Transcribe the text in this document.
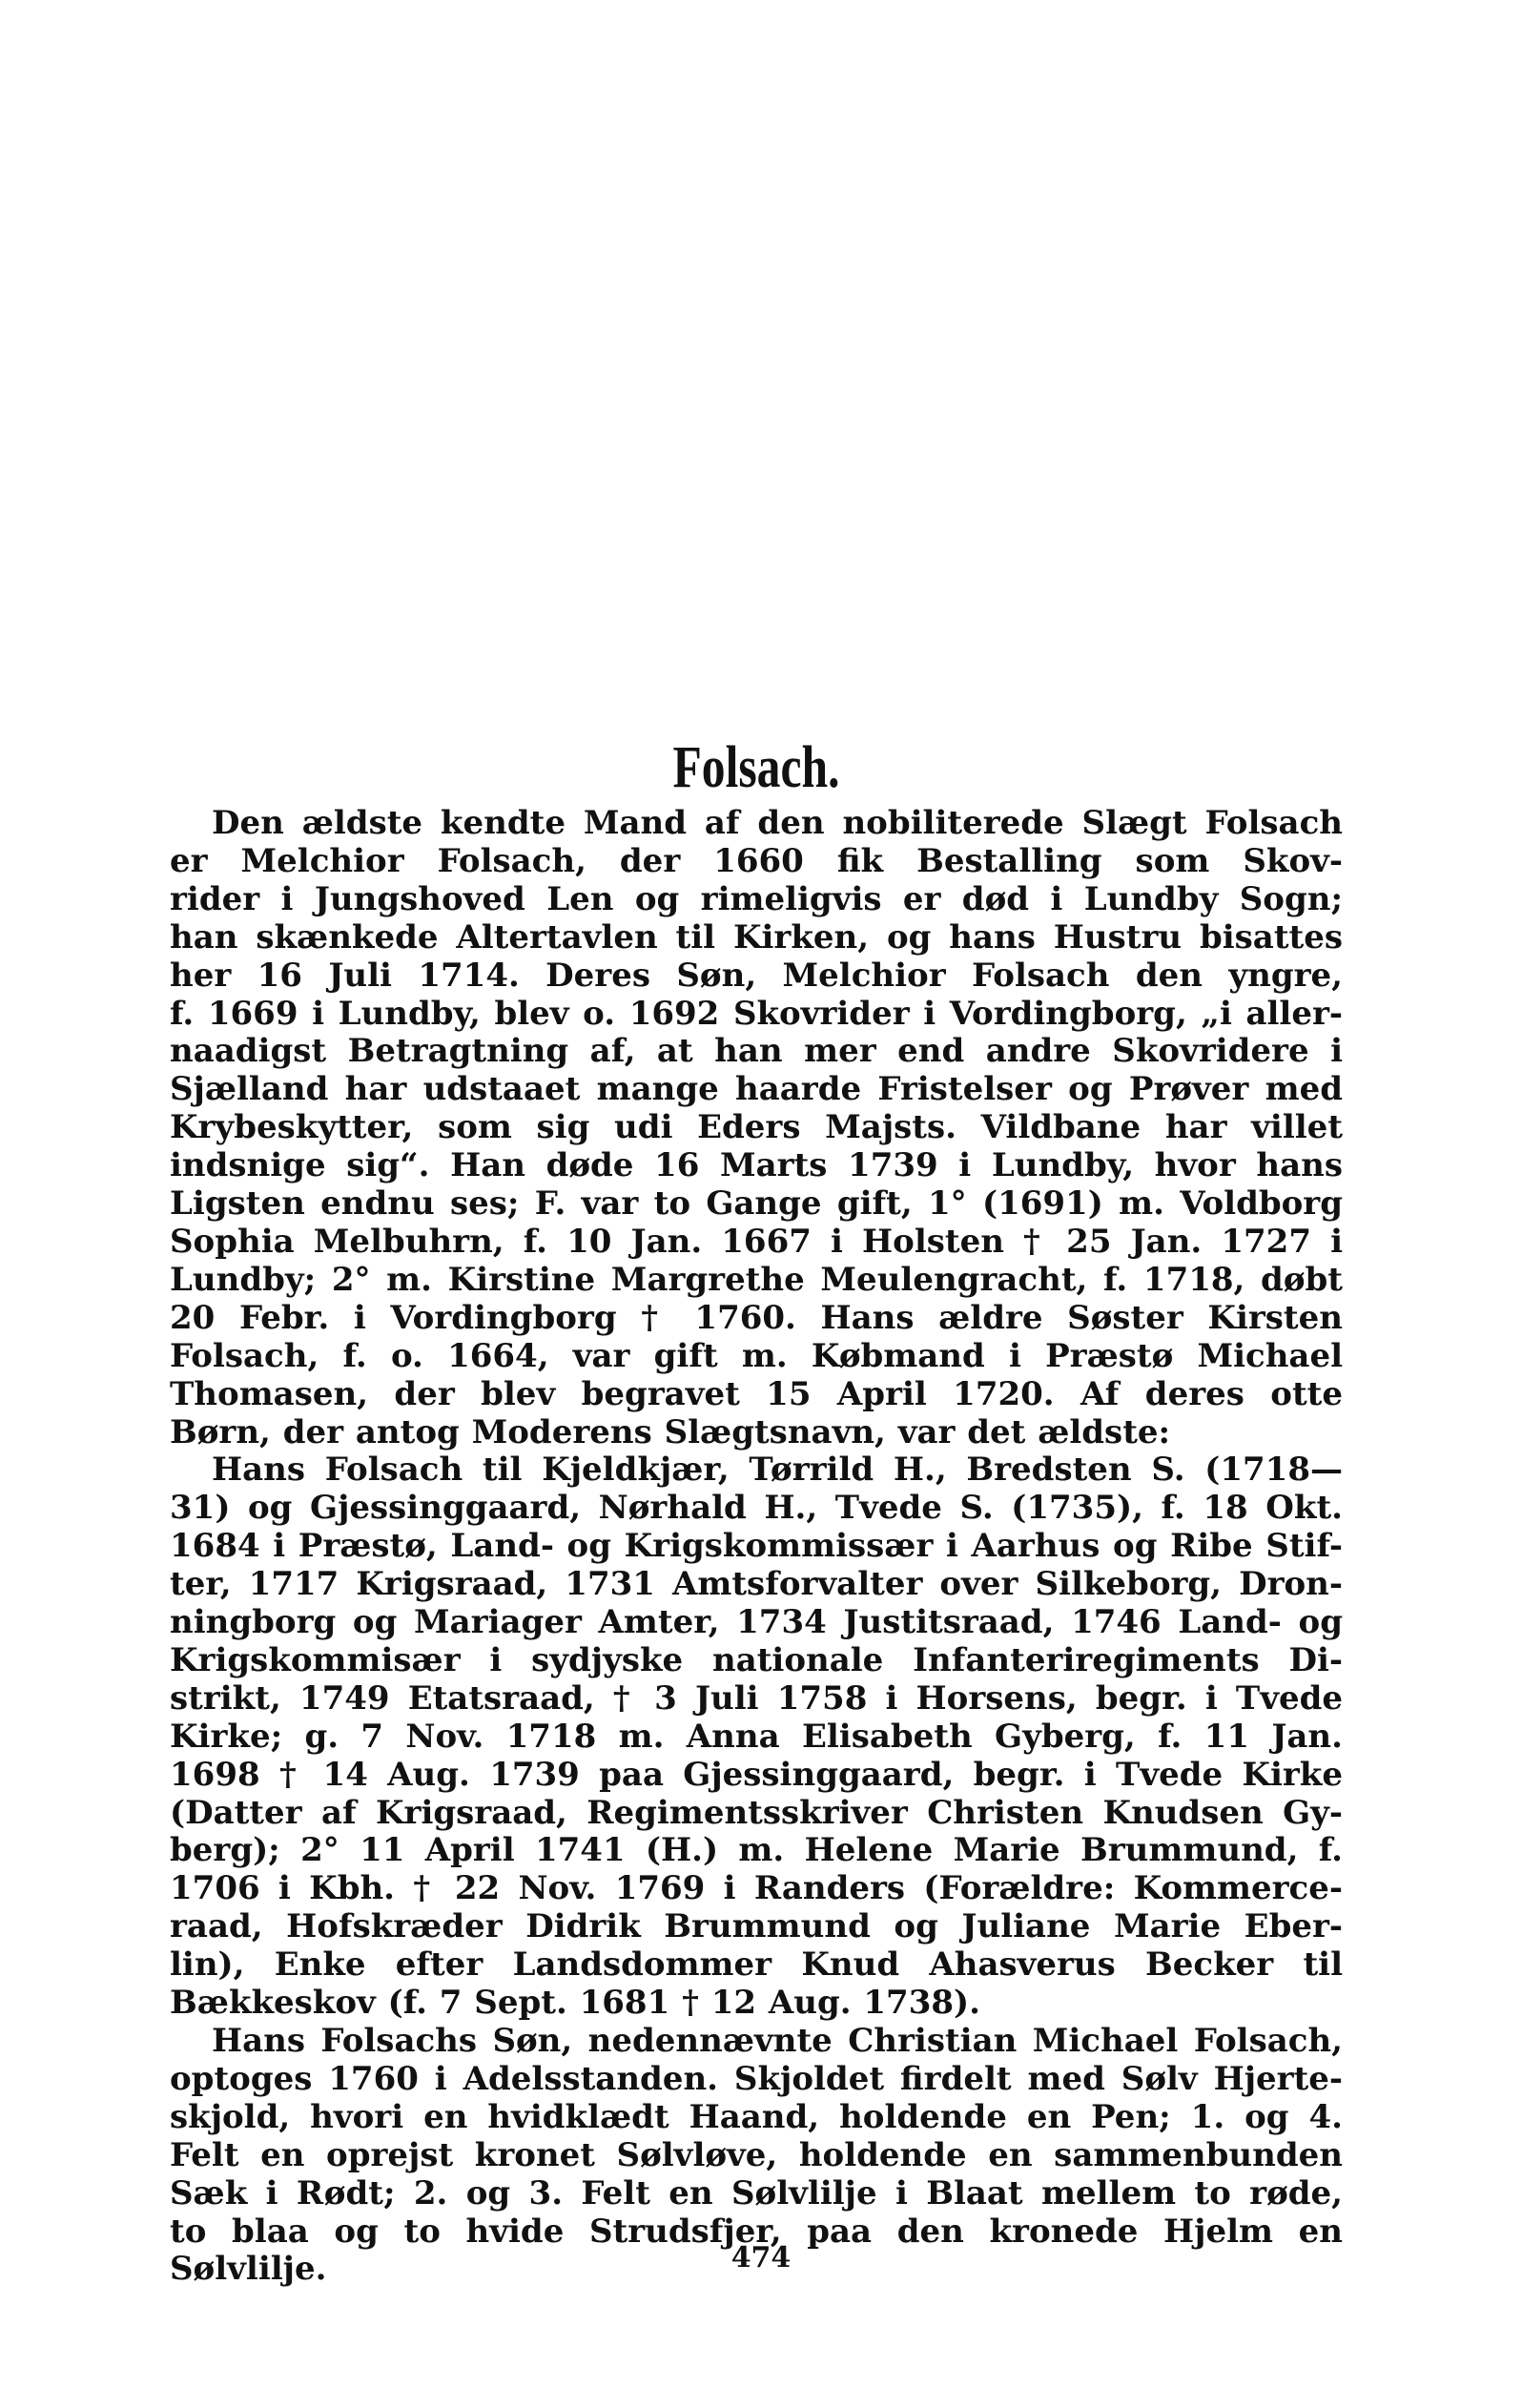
Folsach.
Den ældste kendte Mand af den nobiliterede Slægt Folsach
er Melchior Folsach, der 1660 fik Bestalling som Skov-
rider i Jungshoved Len og rimeligvis er død i Lundby Sogn;
han skænkede Altertavlen til Kirken, og hans Hustru bisattes
her 16 Juli 1714. Deres Søn, Melchior Folsach den yngre,
f. 1669 i Lundby, blev o. 1692 Skovrider i Vordingborg, „i aller-
naadigst Betragtning af, at han mer end andre Skovridere i
Sjælland har udstaaet mange haarde Fristelser og Prøver med
Krybeskytter, som sig udi Eders Majsts. Vildbane har villet
indsnige sig“. Han døde 16 Marts 1739 i Lundby, hvor hans
Ligsten endnu ses; F. var to Gange gift, 1° (1691) m. Voldborg
Sophia Melbuhrn, f. 10 Jan. 1667 i Holsten † 25 Jan. 1727 i
Lundby; 2° m. Kirstine Margrethe Meulengracht, f. 1718, døbt
20 Febr. i Vordingborg † 1760. Hans ældre Søster Kirsten
Folsach, f. o. 1664, var gift m. Købmand i Præstø Michael
Thomasen, der blev begravet 15 April 1720. Af deres otte
Børn, der antog Moderens Slægtsnavn, var det ældste:
Hans Folsach til Kjeldkjær, Tørrild H., Bredsten S. (1718—
31) og Gjessinggaard, Nørhald H., Tvede S. (1735), f. 18 Okt.
1684 i Præstø, Land- og Krigskommissær i Aarhus og Ribe Stif-
ter, 1717 Krigsraad, 1731 Amtsforvalter over Silkeborg, Dron-
ningborg og Mariager Amter, 1734 Justitsraad, 1746 Land- og
Krigskommisær i sydjyske nationale Infanteriregiments Di-
strikt, 1749 Etatsraad, † 3 Juli 1758 i Horsens, begr. i Tvede
Kirke; g. 7 Nov. 1718 m. Anna Elisabeth Gyberg, f. 11 Jan.
1698 † 14 Aug. 1739 paa Gjessinggaard, begr. i Tvede Kirke
(Datter af Krigsraad, Regimentsskriver Christen Knudsen Gy-
berg); 2° 11 April 1741 (H.) m. Helene Marie Brummund, f.
1706 i Kbh. † 22 Nov. 1769 i Randers (Forældre: Kommerce-
raad, Hofskræder Didrik Brummund og Juliane Marie Eber-
lin), Enke efter Landsdommer Knud Ahasverus Becker til
Bækkeskov (f. 7 Sept. 1681 † 12 Aug. 1738).
Hans Folsachs Søn, nedennævnte Christian Michael Folsach,
optoges 1760 i Adelsstanden. Skjoldet firdelt med Sølv Hjerte-
skjold, hvori en hvidklædt Haand, holdende en Pen; 1. og 4.
Felt en oprejst kronet Sølvløve, holdende en sammenbunden
Sæk i Rødt; 2. og 3. Felt en Sølvlilje i Blaat mellem to røde,
to blaa og to hvide Strudsfjer, paa den kronede Hjelm en
Sølvlilje.	474
